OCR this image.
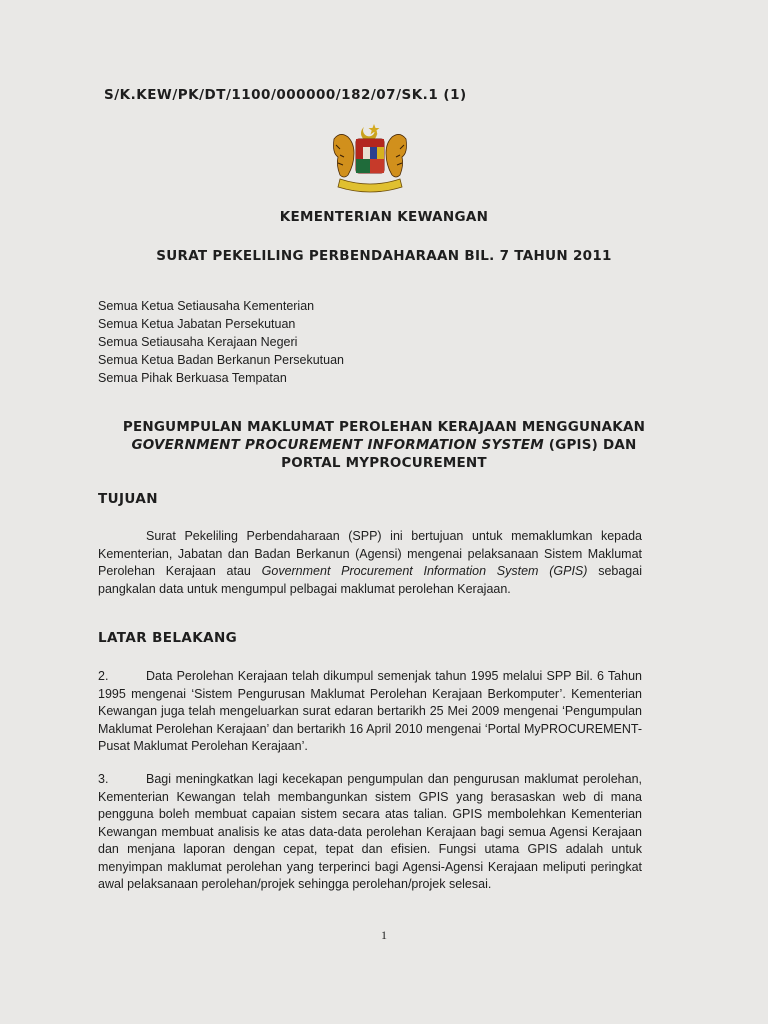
S/K.KEW/PK/DT/1100/000000/182/07/SK.1 (1)
KEMENTERIAN KEWANGAN
SURAT PEKELILING PERBENDAHARAAN BIL. 7 TAHUN 2011
Semua Ketua Setiausaha Kementerian
Semua Ketua Jabatan Persekutuan
Semua Setiausaha Kerajaan Negeri
Semua Ketua Badan Berkanun Persekutuan
Semua Pihak Berkuasa Tempatan
PENGUMPULAN MAKLUMAT PEROLEHAN KERAJAAN MENGGUNAKAN
GOVERNMENT PROCUREMENT INFORMATION SYSTEM (GPIS) DAN
PORTAL MYPROCUREMENT
TUJUAN

Surat Pekeliling Perbendaharaan (SPP) ini bertujuan untuk memaklumkan kepada Kementerian, Jabatan dan Badan Berkanun (Agensi) mengenai pelaksanaan Sistem Maklumat Perolehan Kerajaan atau Government Procurement Information System (GPIS) sebagai pangkalan data untuk mengumpul pelbagai maklumat perolehan Kerajaan.

LATAR BELAKANG

2.	Data Perolehan Kerajaan telah dikumpul semenjak tahun 1995 melalui SPP Bil. 6 Tahun 1995 mengenai ‘Sistem Pengurusan Maklumat Perolehan Kerajaan Berkomputer’. Kementerian Kewangan juga telah mengeluarkan surat edaran bertarikh 25 Mei 2009 mengenai ‘Pengumpulan Maklumat Perolehan Kerajaan’ dan bertarikh 16 April 2010 mengenai ‘Portal MyPROCUREMENT-Pusat Maklumat Perolehan Kerajaan’.

3.	Bagi meningkatkan lagi kecekapan pengumpulan dan pengurusan maklumat perolehan, Kementerian Kewangan telah membangunkan sistem GPIS yang berasaskan web di mana pengguna boleh membuat capaian sistem secara atas talian. GPIS membolehkan Kementerian Kewangan membuat analisis ke atas data-data perolehan Kerajaan bagi semua Agensi Kerajaan dan menjana laporan dengan cepat, tepat dan efisien. Fungsi utama GPIS adalah untuk menyimpan maklumat perolehan yang terperinci bagi Agensi-Agensi Kerajaan meliputi peringkat awal pelaksanaan perolehan/projek sehingga perolehan/projek selesai.

1
